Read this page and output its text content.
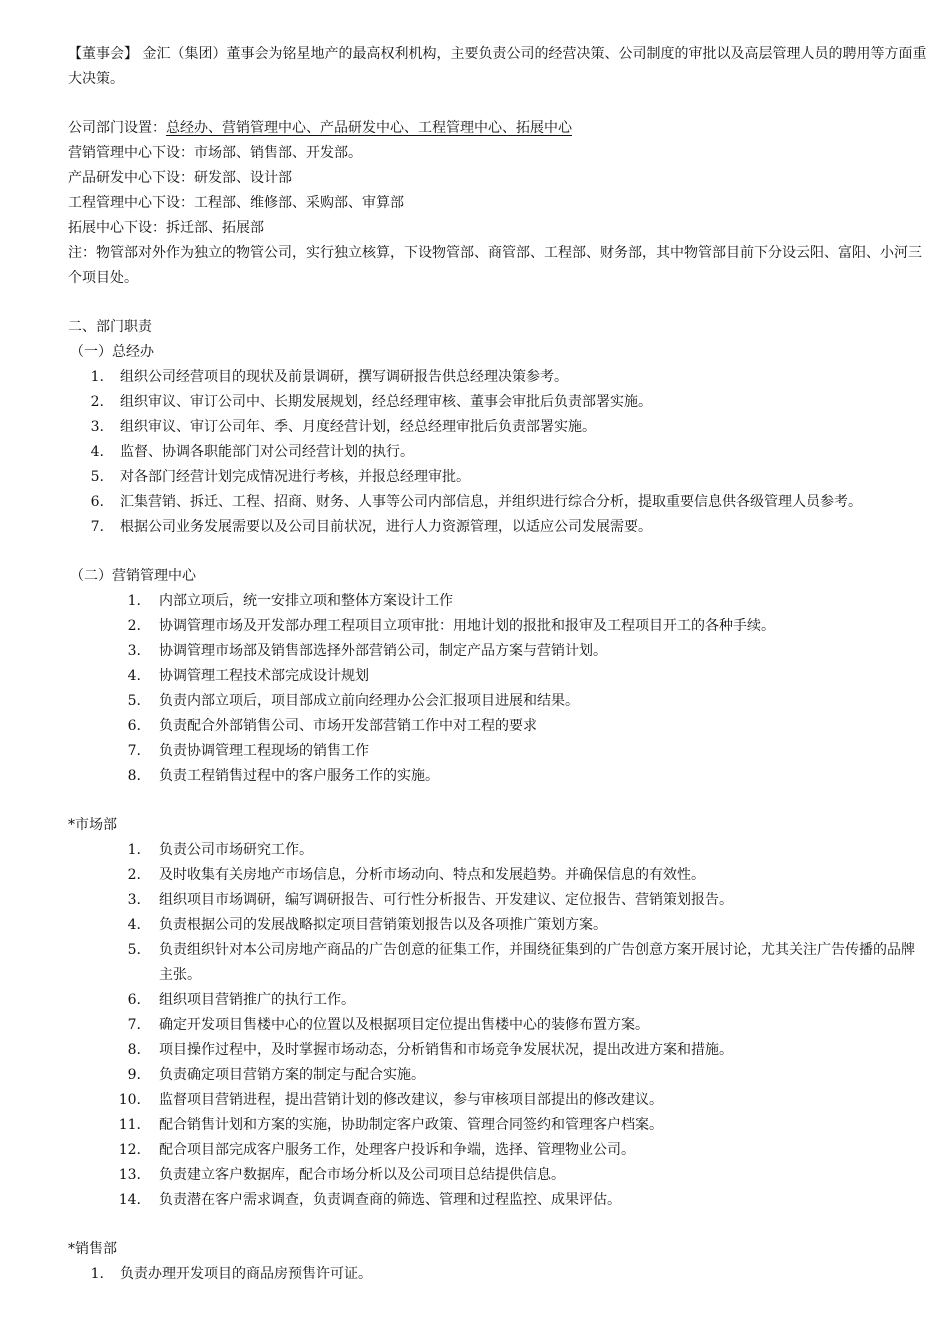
【董事会】 金汇（集团）董事会为铭星地产的最高权利机构，主要负责公司的经营决策、公司制度的审批以及高层管理人员的聘用等方面重大决策。

公司部门设置：总经办、营销管理中心、产品研发中心、工程管理中心、拓展中心

营销管理中心下设：市场部、销售部、开发部。

产品研发中心下设：研发部、设计部

工程管理中心下设：工程部、维修部、采购部、审算部

拓展中心下设：拆迁部、拓展部

注：物管部对外作为独立的物管公司，实行独立核算，下设物管部、商管部、工程部、财务部，其中物管部目前下分设云阳、富阳、小河三个项目处。

二、部门职责

（一）总经办

1. 组织公司经营项目的现状及前景调研，撰写调研报告供总经理决策参考。
2. 组织审议、审订公司中、长期发展规划，经总经理审核、董事会审批后负责部署实施。
3. 组织审议、审订公司年、季、月度经营计划，经总经理审批后负责部署实施。
4. 监督、协调各职能部门对公司经营计划的执行。
5. 对各部门经营计划完成情况进行考核，并报总经理审批。
6. 汇集营销、拆迁、工程、招商、财务、人事等公司内部信息，并组织进行综合分析，提取重要信息供各级管理人员参考。
7. 根据公司业务发展需要以及公司目前状况，进行人力资源管理，以适应公司发展需要。

（二）营销管理中心

1. 内部立项后，统一安排立项和整体方案设计工作
2. 协调管理市场及开发部办理工程项目立项审批：用地计划的报批和报审及工程项目开工的各种手续。
3. 协调管理市场部及销售部选择外部营销公司，制定产品方案与营销计划。
4. 协调管理工程技术部完成设计规划
5. 负责内部立项后，项目部成立前向经理办公会汇报项目进展和结果。
6. 负责配合外部销售公司、市场开发部营销工作中对工程的要求
7. 负责协调管理工程现场的销售工作
8. 负责工程销售过程中的客户服务工作的实施。

*市场部

1. 负责公司市场研究工作。
2. 及时收集有关房地产市场信息，分析市场动向、特点和发展趋势。并确保信息的有效性。
3. 组织项目市场调研，编写调研报告、可行性分析报告、开发建议、定位报告、营销策划报告。
4. 负责根据公司的发展战略拟定项目营销策划报告以及各项推广策划方案。
5. 负责组织针对本公司房地产商品的广告创意的征集工作，并围绕征集到的广告创意方案开展讨论，尤其关注广告传播的品牌主张。
6. 组织项目营销推广的执行工作。
7. 确定开发项目售楼中心的位置以及根据项目定位提出售楼中心的装修布置方案。
8. 项目操作过程中，及时掌握市场动态，分析销售和市场竞争发展状况，提出改进方案和措施。
9. 负责确定项目营销方案的制定与配合实施。
10. 监督项目营销进程，提出营销计划的修改建议，参与审核项目部提出的修改建议。
11. 配合销售计划和方案的实施，协助制定客户政策、管理合同签约和管理客户档案。
12. 配合项目部完成客户服务工作，处理客户投诉和争端，选择、管理物业公司。
13. 负责建立客户数据库，配合市场分析以及公司项目总结提供信息。
14. 负责潜在客户需求调查，负责调查商的筛选、管理和过程监控、成果评估。

*销售部

1. 负责办理开发项目的商品房预售许可证。
